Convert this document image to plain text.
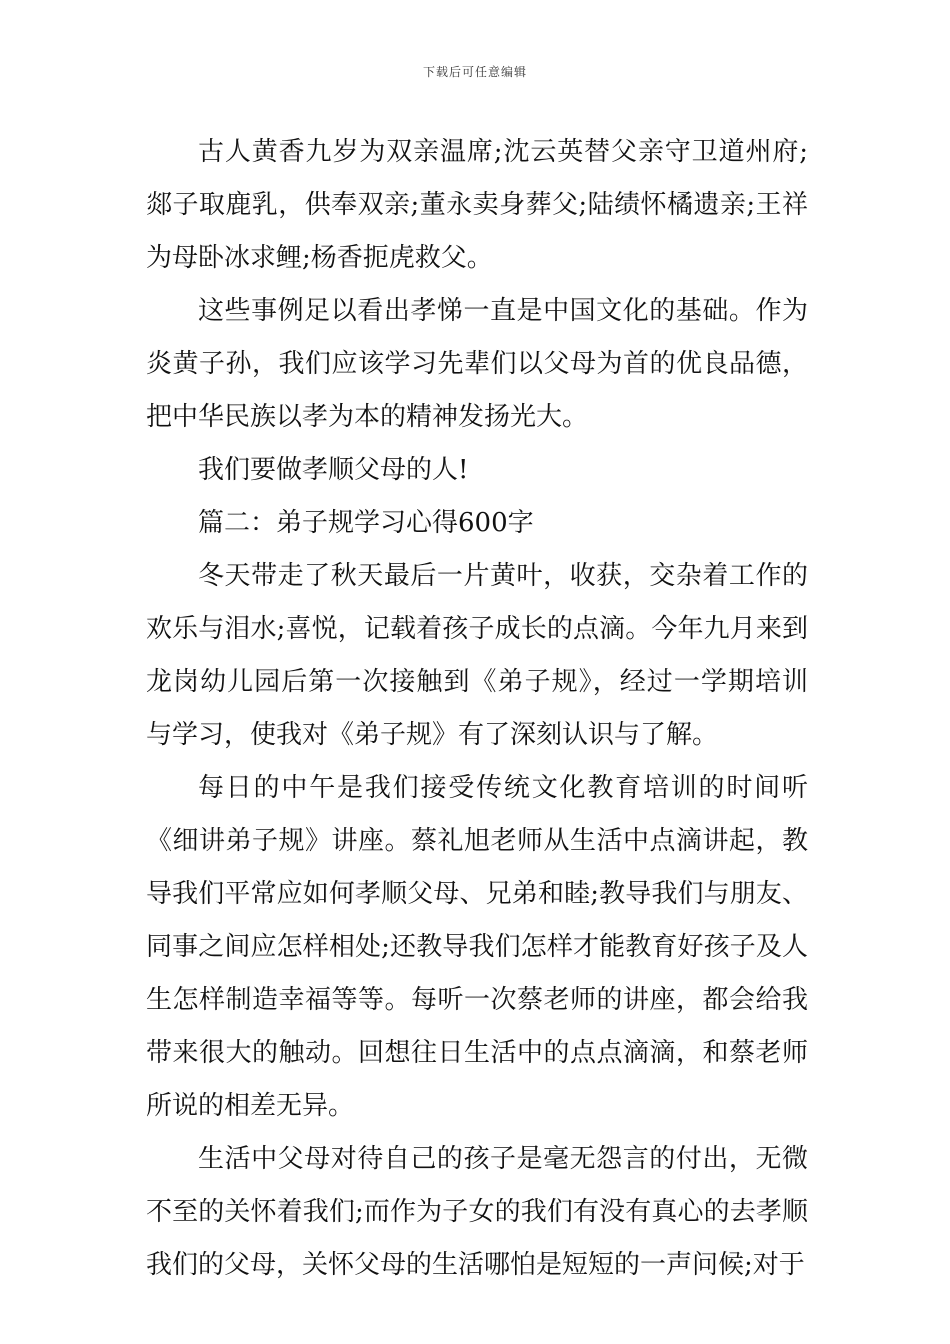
下载后可任意编辑

古人黄香九岁为双亲温席;沈云英替父亲守卫道州府;郯子取鹿乳，供奉双亲;董永卖身葬父;陆绩怀橘遗亲;王祥为母卧冰求鲤;杨香扼虎救父。

这些事例足以看出孝悌一直是中国文化的基础。作为炎黄子孙，我们应该学习先辈们以父母为首的优良品德，把中华民族以孝为本的精神发扬光大。

我们要做孝顺父母的人!

篇二：弟子规学习心得600字

冬天带走了秋天最后一片黄叶，收获，交杂着工作的欢乐与泪水;喜悦，记载着孩子成长的点滴。今年九月来到龙岗幼儿园后第一次接触到《弟子规》，经过一学期培训与学习，使我对《弟子规》有了深刻认识与了解。

每日的中午是我们接受传统文化教育培训的时间听《细讲弟子规》讲座。蔡礼旭老师从生活中点滴讲起，教导我们平常应如何孝顺父母、兄弟和睦;教导我们与朋友、同事之间应怎样相处;还教导我们怎样才能教育好孩子及人生怎样制造幸福等等。每听一次蔡老师的讲座，都会给我带来很大的触动。回想往日生活中的点点滴滴，和蔡老师所说的相差无异。

生活中父母对待自己的孩子是毫无怨言的付出，无微不至的关怀着我们;而作为子女的我们有没有真心的去孝顺我们的父母，关怀父母的生活哪怕是短短的一声问候;对于
